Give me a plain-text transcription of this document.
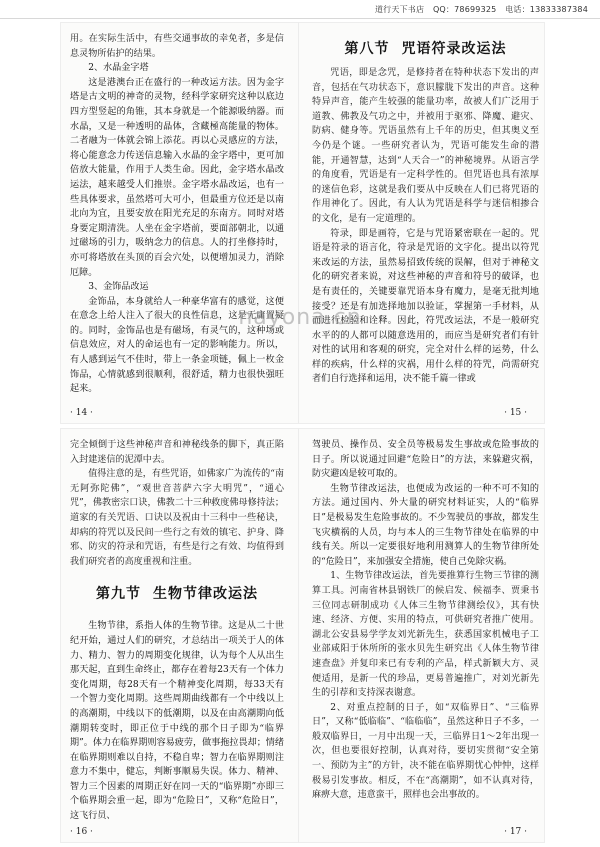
道行天下书店 QQ：78699325 电话：13833387384

用。在实际生活中，有些交通事故的幸免者，多是信息灵物所佑护的结果。

2、水晶金字塔

这是港澳台正在盛行的一种改运方法。因为金字塔是古文明的神奇的灵物，经科学家研究这种以底边四方型竖起的角锥，其本身就是一个能源吸纳器。而水晶，又是一种透明的晶体，含藏極高能量的物体。二者融为一体就会锦上添花。再以心灵感应的方法，将心能意念力传送信息输入水晶的金字塔中，更可加倍放大能量，作用于人类生命。因此，金字塔水晶改运法，越来越受人们推崇。金字塔水晶改运，也有一些具体要求，虽然塔可大可小，但最重方位还是以南北向为宜，且要安放在阳光充足的东南方。同时对塔身要定期清洗。人坐在金字塔前，要面部朝北，以通过磁场的引力，吸纳念力的信息。人的打坐修持时，亦可将塔放在头顶的百会穴处，以便增加灵力，消除厄障。

3、金饰品改运

金饰品，本身就给人一种豪华富有的感觉，这便在意念上给人注入了很大的良性信息，这是无庸置疑的。同时，金饰品也是有磁场，有灵气的，这种场或信息效应，对人的命运也有一定的影响能力。所以，有人感到运气不佳时，带上一条金项链，佩上一枚金饰品，心情就感到很顺利，很舒适，精力也很快强旺起来。

· 14 ·
第八节 咒语符录改运法

咒语，即是念咒，是修持者在特种状态下发出的声音，包括在气功状态下，意识朦胧下发出的声音。这种特异声音，能产生较强的能量功率，故被人们广泛用于道教、佛教及气功之中，并被用于驱邪、降魔、避灾、防病、健身等。咒语虽然有上千年的历史，但其奥义至今仍是个谜。一些研究者认为，咒语可能发生命的潜能，开通智慧，达到“人天合一”的神秘境界。从语言学的角度看，咒语是有一定科学性的。但咒语也具有浓厚的迷信色彩，这就是我们要从中反映在人们已将咒语的作用神化了。因此，有人认为咒语是科学与迷信相掺合的文化，是有一定道理的。

符录，即是画符，它是与咒语紧密联在一起的。咒语是符录的语言化，符录是咒语的文字化。提出以符咒来改运的方法，虽然易招致传统的误解，但对于神秘文化的研究者来说，对这些神秘的声音和符号的破译，也是有责任的，关键要靠咒语本身有魔力，是毫无批判地接受？还是有加选择地加以验证，掌握第一手材料，从而进行检验和诠释。因此，符咒改运法，不是一般研究水平的的人都可以随意选用的，而应当是研究者们有针对性的试用和客观的研究，完全对什么样的运势，什么样的疾病，什么样的灾祸，用什么样的符咒，尚需研究者们自行选择和运用，决不能千篇一律或

· 15 ·

完全倾倒于这些神秘声音和神秘线条的脚下，真正陷入封建迷信的泥潭中去。

值得注意的是，有些咒语，如佛家广为流传的“南无阿弥陀佛”，“观世音菩萨六字大明咒”，“通心咒”，佛教密宗口诀，佛教二十三种救度佛母修持法；道家的有关咒语、口诀以及祝由十三科中一些秘诀，却病的符咒以及民间一些行之有效的镇宅、护身、降邪、防灾的符录和咒语，有些是行之有效、均值得到我们研究者的高度重视和注重。

第九节 生物节律改运法

生物节律，系指人体的生物节律。这是从二十世纪开始，通过人们的研究，才总结出一项关于人的体力、精力、智力的周期变化规律，认为每个人从出生那天起，直到生命终止，都存在着每23天有一个体力变化周期，每28天有一个精神变化周期，每33天有一个智力变化周期。这些周期曲线都有一个中线以上的高潮期，中线以下的低潮期，以及在由高潮期向低潮期转变时，即正位于中线的那个日子即为“临界期”。体力在临界期则容易疲劳，做事拖拉畏却；情绪在临界期则难以自持，不稳自卑；智力在临界期则注意力不集中，健忘，判断事顺易失误。体力、精神、智力三个因素的周期正好在同一天的“临界期”亦即三个临界期会重一起，即为“危险日”，又称“危险日”，这飞行员、

· 16 ·

驾驶员、操作员、安全员等极易发生事故或危险事故的日子。所以说通过回避“危险日”的方法，来躲避灾祸，防灾避凶是较可取的。

生物节律改运法，也便成为改运的一种不可不知的方法。通过国内、外大量的研究材料证实，人的“临界日”是极易发生危险事故的。不少驾驶员的事故，都发生飞灾横祸的人员，均与本人的三生物节律处在临界的中线有关。所以一定要很好地利用测算人的生物节律所处的“危险日”，来加强安全措施，使自己免除灾祸。

1、生物节律改运法，首先要推算行生物三节律的测算工具。河南省林县钢铁厂的候启发、候福李、贾秉书三位同志研制成功《人体三生物节律测绘仪》，其有快速、经济、方便、实用的特点，可供研究者推广使用。湖北公安县易学学友刘光新先生，获悉国家机械电子工业部咸阳于休所所的张水贝先生研究出《人体生物节律速查盘》并复印来已有专利的产品，样式新颖大方、灵便适用，是新一代的珍品，更易普遍推广，对刘光新先生的引荐和支持深表谢意。

2、对重点控制的日子，如“双临界日”、“三临界日”，又称“低临临”、“临临临”，虽然这种日子不多，一般双临界日，一月中出现一天，三临界日1～2年出现一次，但也要很好控制，认真对待，要切实贯彻“安全第一、预防为主”的方针，决不能在临界期忧心忡忡，这样极易引发事故。相反，不在“高潮期”，如不认真对待，麻痹大意，违意蛮干，照样也会出事故的。

· 17 ·
nayona.cn
